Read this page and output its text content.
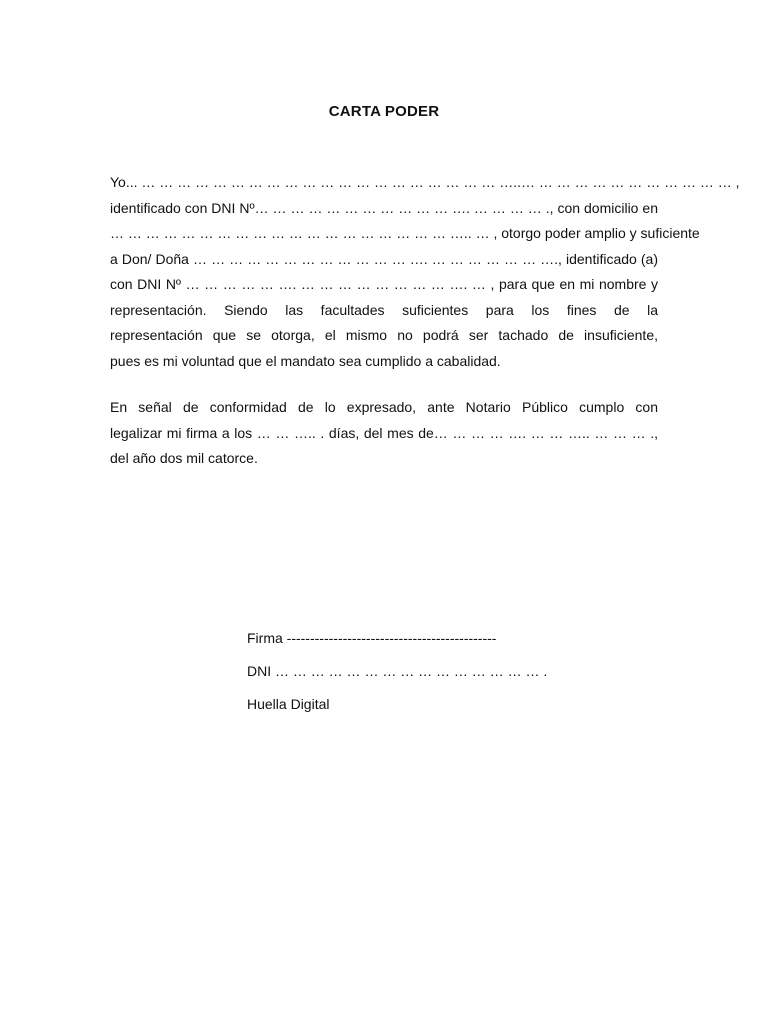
CARTA PODER
Yo... … … … … … … … … … … … … … … … … … … … … …..… … … … … … … … … … … … ,
identificado con DNI Nº… … … … … … … … … … … …. … … … … ., con domicilio en
… … … … … … … … … … … … … … … … … … … ….. … , otorgo poder amplio y suficiente
a Don/ Doña … … … … … … … … … … … … …. … … … … … … …., identificado (a)
con DNI Nº … … … … … …. … … … … … … … … …. … , para que en mi nombre y
representación. Siendo las facultades suficientes para los fines de la
representación que se otorga, el mismo no podrá ser tachado de insuficiente,
pues es mi voluntad que el mandato sea cumplido a cabalidad.
En señal de conformidad de lo expresado, ante Notario Público cumplo con
legalizar mi firma a los … … ….. . días, del mes de… … … … …. … … ….. … … … .,
del año dos mil catorce.
Firma ---------------------------------------------
DNI … … … … … … … … … … … … … … … .
Huella Digital
